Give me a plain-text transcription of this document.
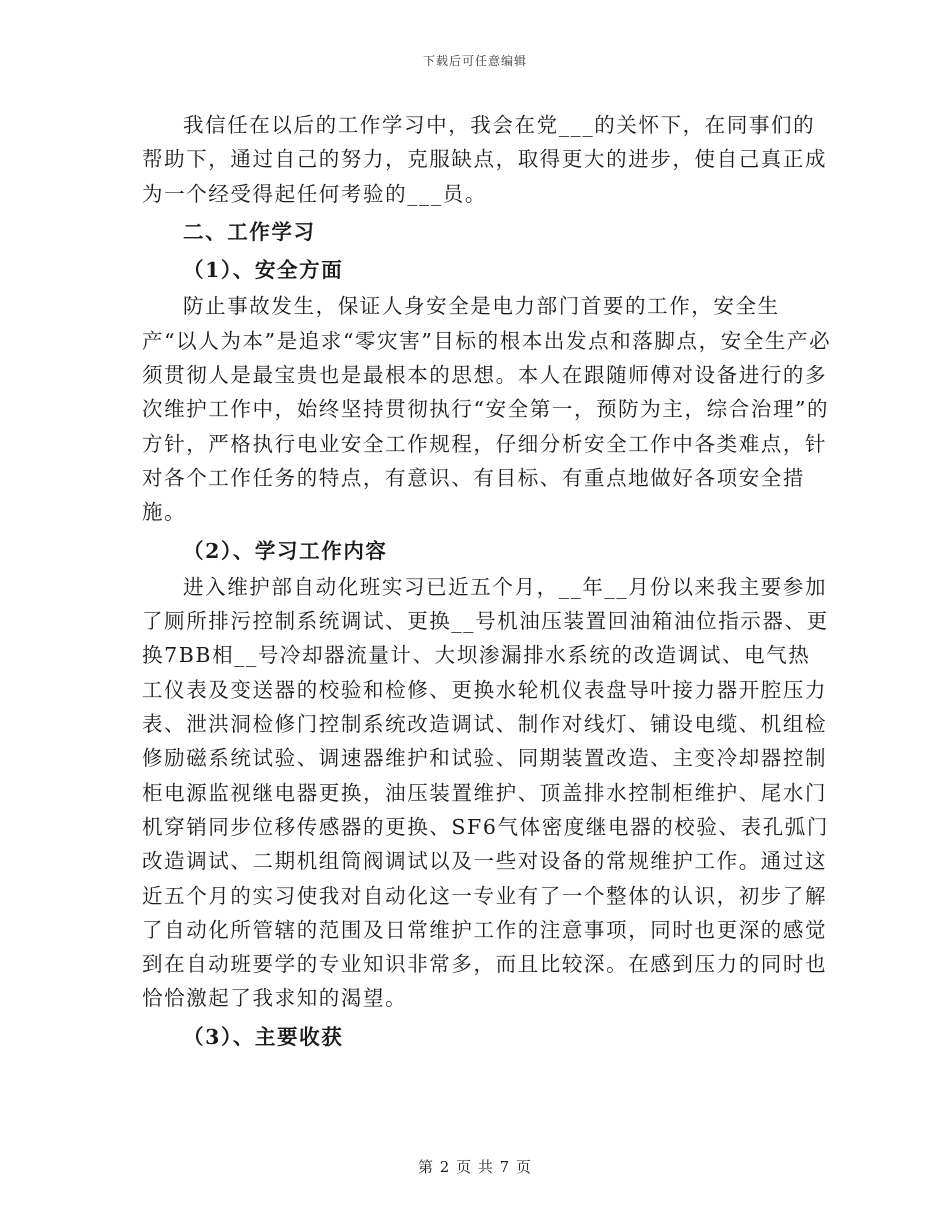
下载后可任意编辑

我信任在以后的工作学习中，我会在党___的关怀下，在同事们的帮助下，通过自己的努力，克服缺点，取得更大的进步，使自己真正成为一个经受得起任何考验的___员。

二、工作学习

（1）、安全方面

防止事故发生，保证人身安全是电力部门首要的工作，安全生产“以人为本”是追求“零灾害”目标的根本出发点和落脚点，安全生产必须贯彻人是最宝贵也是最根本的思想。本人在跟随师傅对设备进行的多次维护工作中，始终坚持贯彻执行“安全第一，预防为主，综合治理”的方针，严格执行电业安全工作规程，仔细分析安全工作中各类难点，针对各个工作任务的特点，有意识、有目标、有重点地做好各项安全措施。

（2）、学习工作内容

进入维护部自动化班实习已近五个月，__年__月份以来我主要参加了厕所排污控制系统调试、更换__号机油压装置回油箱油位指示器、更换7BB相__号冷却器流量计、大坝渗漏排水系统的改造调试、电气热工仪表及变送器的校验和检修、更换水轮机仪表盘导叶接力器开腔压力表、泄洪洞检修门控制系统改造调试、制作对线灯、铺设电缆、机组检修励磁系统试验、调速器维护和试验、同期装置改造、主变冷却器控制柜电源监视继电器更换，油压装置维护、顶盖排水控制柜维护、尾水门机穿销同步位移传感器的更换、SF6气体密度继电器的校验、表孔弧门改造调试、二期机组筒阀调试以及一些对设备的常规维护工作。通过这近五个月的实习使我对自动化这一专业有了一个整体的认识，初步了解了自动化所管辖的范围及日常维护工作的注意事项，同时也更深的感觉到在自动班要学的专业知识非常多，而且比较深。在感到压力的同时也恰恰激起了我求知的渴望。

（3）、主要收获

第 2 页 共 7 页
